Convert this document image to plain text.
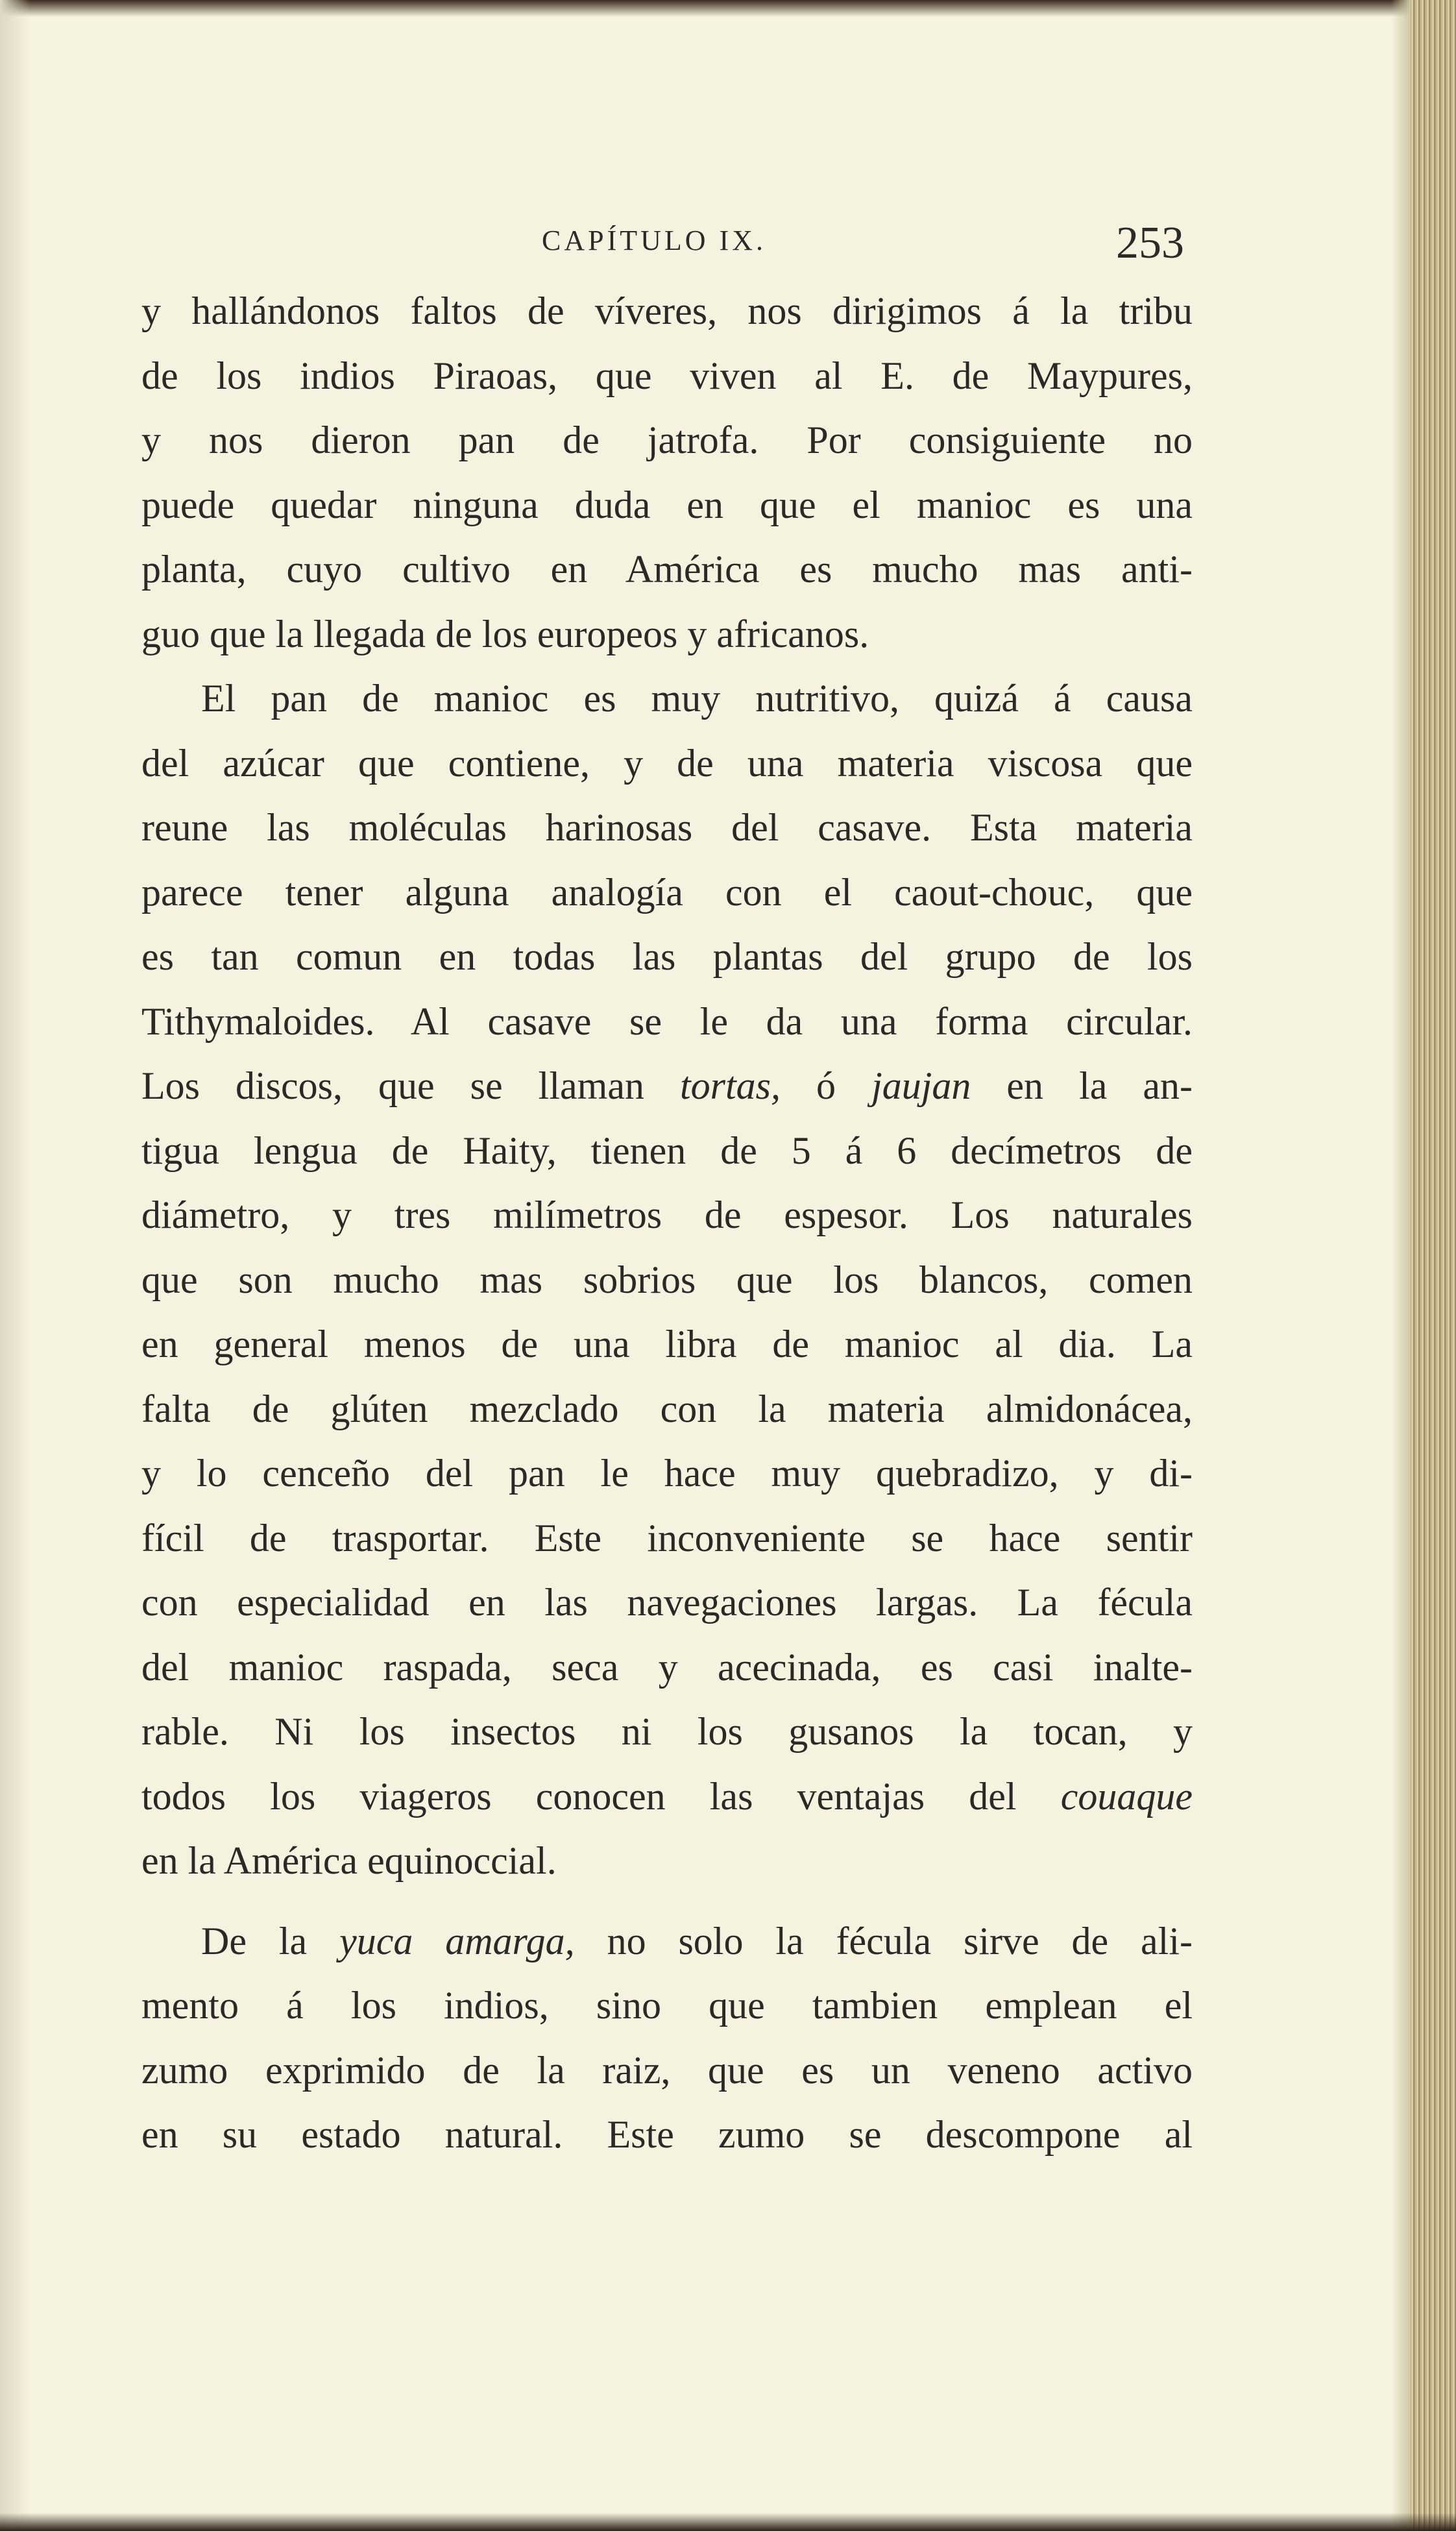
CAPÍTULO IX.	253
y hallándonos faltos de víveres, nos dirigimos á la tribu
de los indios Piraoas, que viven al E. de Maypures,
y nos dieron pan de jatrofa. Por consiguiente no
puede quedar ninguna duda en que el manioc es una
planta, cuyo cultivo en América es mucho mas anti-
guo que la llegada de los europeos y africanos.
El pan de manioc es muy nutritivo, quizá á causa
del azúcar que contiene, y de una materia viscosa que
reune las moléculas harinosas del casave. Esta materia
parece tener alguna analogía con el caout-chouc, que
es tan comun en todas las plantas del grupo de los
Tithymaloides. Al casave se le da una forma circular.
Los discos, que se llaman tortas, ó jaujan en la an-
tigua lengua de Haity, tienen de 5 á 6 decímetros de
diámetro, y tres milímetros de espesor. Los naturales
que son mucho mas sobrios que los blancos, comen
en general menos de una libra de manioc al dia. La
falta de glúten mezclado con la materia almidonácea,
y lo cenceño del pan le hace muy quebradizo, y di-
fícil de trasportar. Este inconveniente se hace sentir
con especialidad en las navegaciones largas. La fécula
del manioc raspada, seca y acecinada, es casi inalte-
rable. Ni los insectos ni los gusanos la tocan, y
todos los viageros conocen las ventajas del couaque
en la América equinoccial.
De la yuca amarga, no solo la fécula sirve de ali-
mento á los indios, sino que tambien emplean el
zumo exprimido de la raiz, que es un veneno activo
en su estado natural. Este zumo se descompone al
